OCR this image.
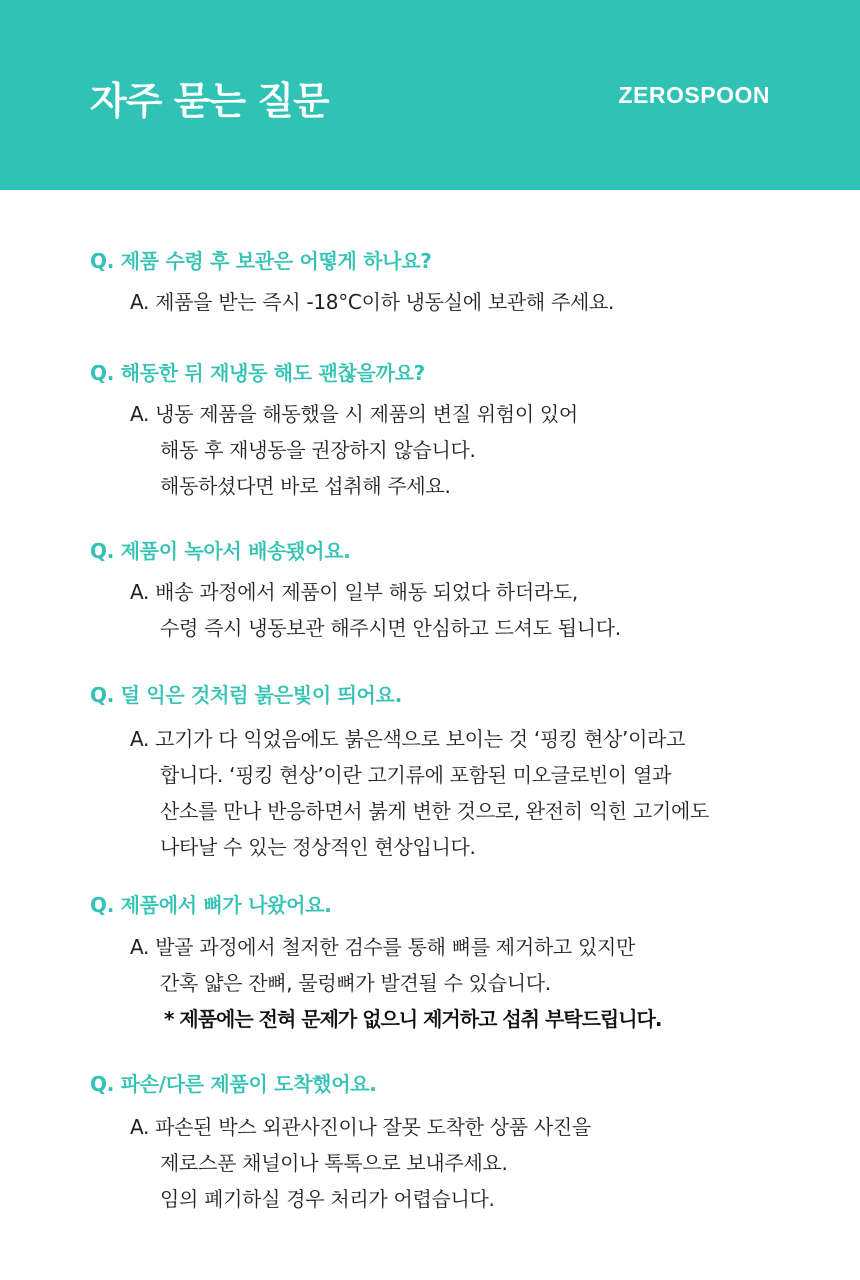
자주 묻는 질문	ZEROSPOON
Q. 제품 수령 후 보관은 어떻게 하나요?
A. 제품을 받는 즉시 -18°C이하 냉동실에 보관해 주세요.
Q. 해동한 뒤 재냉동 해도 괜찮을까요?
A. 냉동 제품을 해동했을 시 제품의 변질 위험이 있어
해동 후 재냉동을 권장하지 않습니다.
해동하셨다면 바로 섭취해 주세요.
Q. 제품이 녹아서 배송됐어요.
A. 배송 과정에서 제품이 일부 해동 되었다 하더라도,
수령 즉시 냉동보관 해주시면 안심하고 드셔도 됩니다.
Q. 덜 익은 것처럼 붉은빛이 띄어요.
A. 고기가 다 익었음에도 붉은색으로 보이는 것 ‘핑킹 현상’이라고
합니다. ‘핑킹 현상’이란 고기류에 포함된 미오글로빈이 열과
산소를 만나 반응하면서 붉게 변한 것으로, 완전히 익힌 고기에도
나타날 수 있는 정상적인 현상입니다.
Q. 제품에서 뼈가 나왔어요.
A. 발골 과정에서 철저한 검수를 통해 뼈를 제거하고 있지만
간혹 얇은 잔뼈, 물렁뼈가 발견될 수 있습니다.
* 제품에는 전혀 문제가 없으니 제거하고 섭취 부탁드립니다.
Q. 파손/다른 제품이 도착했어요.
A. 파손된 박스 외관사진이나 잘못 도착한 상품 사진을
제로스푼 채널이나 톡톡으로 보내주세요.
임의 폐기하실 경우 처리가 어렵습니다.
